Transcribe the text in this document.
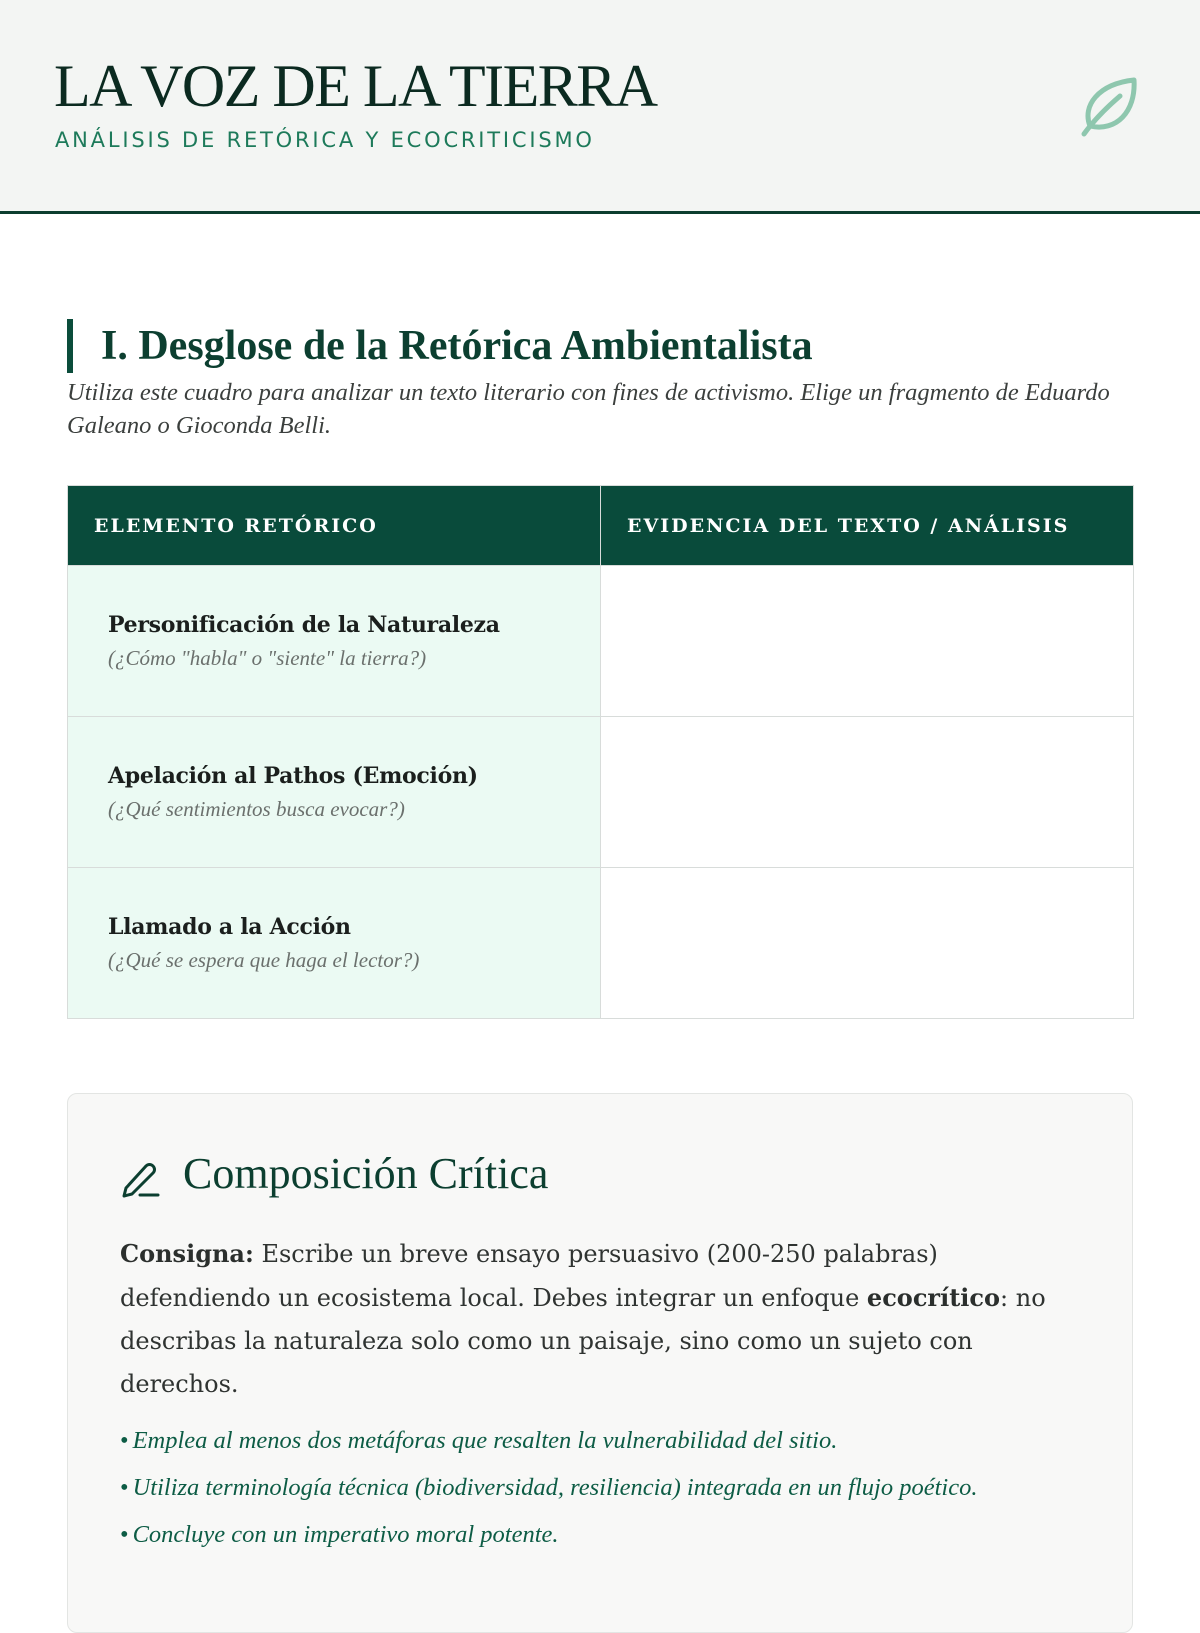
LA VOZ DE LA TIERRA

ANÁLISIS DE RETÓRICA Y ECOCRITICISMO

I. Desglose de la Retórica Ambientalista

Utiliza este cuadro para analizar un texto literario con fines de activismo. Elige un fragmento de Eduardo Galeano o Gioconda Belli.

ELEMENTO RETÓRICO	EVIDENCIA DEL TEXTO / ANÁLISIS

Personificación de la Naturaleza
(¿Cómo "habla" o "siente" la tierra?)	

Apelación al Pathos (Emoción)
(¿Qué sentimientos busca evocar?)	

Llamado a la Acción
(¿Qué se espera que haga el lector?)	

Composición Crítica

Consigna: Escribe un breve ensayo persuasivo (200-250 palabras) defendiendo un ecosistema local. Debes integrar un enfoque ecocrítico: no describas la naturaleza solo como un paisaje, sino como un sujeto con derechos.

• Emplea al menos dos metáforas que resalten la vulnerabilidad del sitio.
• Utiliza terminología técnica (biodiversidad, resiliencia) integrada en un flujo poético.
• Concluye con un imperativo moral potente.
